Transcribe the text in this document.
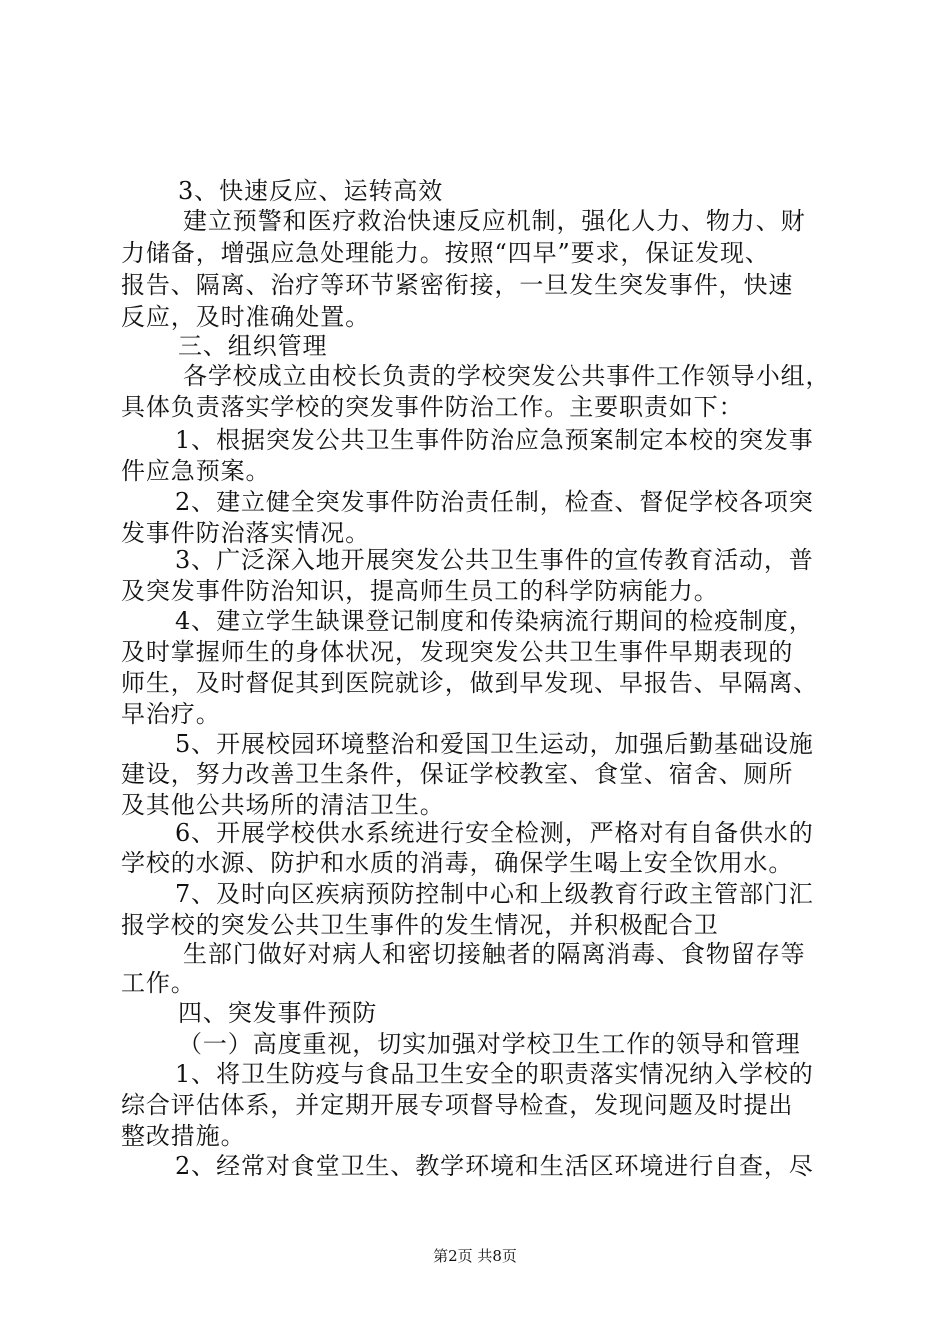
3、快速反应、运转高效
建立预警和医疗救治快速反应机制，强化人力、物力、财
力储备，增强应急处理能力。按照“四早”要求，保证发现、
报告、隔离、治疗等环节紧密衔接，一旦发生突发事件，快速
反应，及时准确处置。
三、组织管理
各学校成立由校长负责的学校突发公共事件工作领导小组，
具体负责落实学校的突发事件防治工作。主要职责如下：
1、根据突发公共卫生事件防治应急预案制定本校的突发事
件应急预案。
2、建立健全突发事件防治责任制，检查、督促学校各项突
发事件防治落实情况。
3、广泛深入地开展突发公共卫生事件的宣传教育活动，普
及突发事件防治知识，提高师生员工的科学防病能力。
4、建立学生缺课登记制度和传染病流行期间的检疫制度，
及时掌握师生的身体状况，发现突发公共卫生事件早期表现的
师生，及时督促其到医院就诊，做到早发现、早报告、早隔离、
早治疗。
5、开展校园环境整治和爱国卫生运动，加强后勤基础设施
建设，努力改善卫生条件，保证学校教室、食堂、宿舍、厕所
及其他公共场所的清洁卫生。
6、开展学校供水系统进行安全检测，严格对有自备供水的
学校的水源、防护和水质的消毒，确保学生喝上安全饮用水。
7、及时向区疾病预防控制中心和上级教育行政主管部门汇
报学校的突发公共卫生事件的发生情况，并积极配合卫
生部门做好对病人和密切接触者的隔离消毒、食物留存等
工作。
四、突发事件预防
（一）高度重视，切实加强对学校卫生工作的领导和管理
1、将卫生防疫与食品卫生安全的职责落实情况纳入学校的
综合评估体系，并定期开展专项督导检查，发现问题及时提出
整改措施。
2、经常对食堂卫生、教学环境和生活区环境进行自查，尽
第2页 共8页
